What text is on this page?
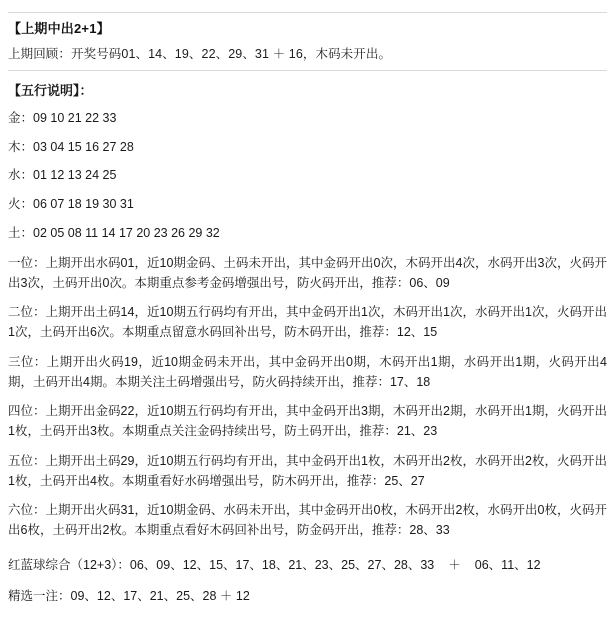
【上期中出2+1】
上期回顾：开奖号码01、14、19、22、29、31 ＋ 16，木码未开出。
【五行说明】：
金：09 10 21 22 33
木：03 04 15 16 27 28
水：01 12 13 24 25
火：06 07 18 19 30 31
土：02 05 08 11 14 17 20 23 26 29 32
一位：上期开出水码01，近10期金码、土码未开出，其中金码开出0次，木码开出4次，水码开出3次，火码开出3次，土码开出0次。本期重点参考金码增强出号，防火码开出，推荐：06、09
二位：上期开出土码14，近10期五行码均有开出，其中金码开出1次，木码开出1次，水码开出1次，火码开出1次，土码开出6次。本期重点留意水码回补出号，防木码开出，推荐：12、15
三位：上期开出火码19，近10期金码未开出，其中金码开出0期，木码开出1期，水码开出1期，火码开出4期，土码开出4期。本期关注土码增强出号，防火码持续开出，推荐：17、18
四位：上期开出金码22，近10期五行码均有开出，其中金码开出3期，木码开出2期，水码开出1期，火码开出1枚，土码开出3枚。本期重点关注金码持续出号，防土码开出，推荐：21、23
五位：上期开出土码29，近10期五行码均有开出，其中金码开出1枚，木码开出2枚，水码开出2枚，火码开出1枚，土码开出4枚。本期重看好水码增强出号，防木码开出，推荐：25、27
六位：上期开出火码31，近10期金码、水码未开出，其中金码开出0枚，木码开出2枚，水码开出0枚，火码开出6枚，土码开出2枚。本期重点看好木码回补出号，防金码开出，推荐：28、33
红蓝球综合（12+3）：06、09、12、15、17、18、21、23、25、27、28、33 ＋ 06、11、12
精选一注：09、12、17、21、25、28 ＋ 12
